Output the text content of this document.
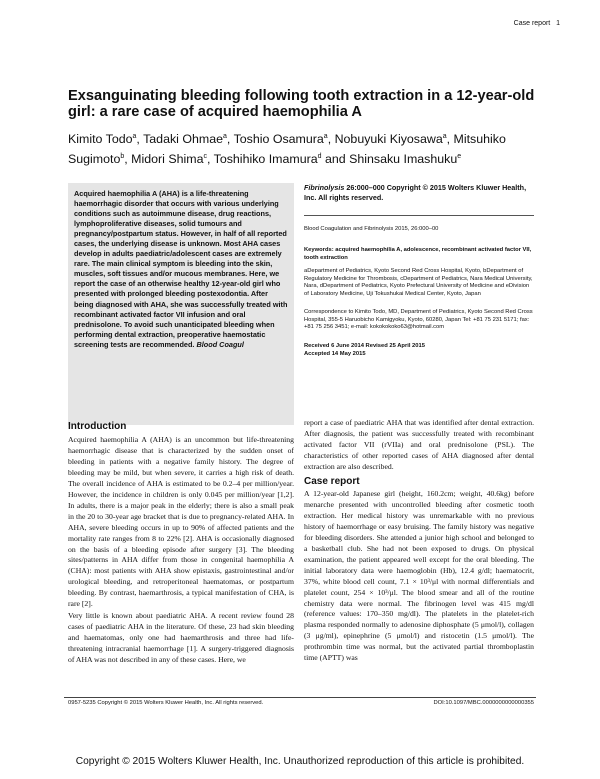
Case report 1
Exsanguinating bleeding following tooth extraction in a 12-year-old girl: a rare case of acquired haemophilia A

Kimito Todo$^a$, Tadaki Ohmae$^a$, Toshio Osamura$^a$, Nobuyuki Kiyosawa$^a$, Mitsuhiko Sugimoto$^b$, Midori Shima$^c$, Toshihiko Imamura$^d$ and Shinsaku Imashuku$^e$

Acquired haemophilia A (AHA) is a life-threatening haemorrhagic disorder that occurs with various underlying conditions such as autoimmune disease, drug reactions, lymphoproliferative diseases, solid tumours and pregnancy/postpartum status. However, in half of all reported cases, the underlying disease is unknown. Most AHA cases develop in adults paediatric/adolescent cases are extremely rare. The main clinical symptom is bleeding into the skin, muscles, soft tissues and/or mucous membranes. Here, we report the case of an otherwise healthy 12-year-old girl who presented with prolonged bleeding postexodontia. After being diagnosed with AHA, she was successfully treated with recombinant activated factor VII infusion and oral prednisolone. To avoid such unanticipated bleeding when performing dental extraction, preoperative haemostatic screening tests are recommended. Blood Coagul

Fibrinolysis 26:000–000 Copyright © 2015 Wolters Kluwer Health, Inc. All rights reserved.

Blood Coagulation and Fibrinolysis 2015, 26:000–00

Keywords: acquired haemophilia A, adolescence, recombinant activated factor VII, tooth extraction

aDepartment of Pediatrics, Kyoto Second Red Cross Hospital, Kyoto, bDepartment of Regulatory Medicine for Thrombosis, cDepartment of Pediatrics, Nara Medical University, Nara, dDepartment of Pediatrics, Kyoto Prefectural University of Medicine and eDivision of Laboratory Medicine, Uji Tokushukai Medical Center, Kyoto, Japan

Correspondence to Kimito Todo, MD, Department of Pediatrics, Kyoto Second Red Cross Hospital, 355-5 Haruobicho Kamigyoku, Kyoto, 60280, Japan Tel: +81 75 231 5171; fax: +81 75 256 3451; e-mail: kokokokoko63@hotmail.com

Received 6 June 2014 Revised 25 April 2015

Accepted 14 May 2015

Introduction

Acquired haemophilia A (AHA) is an uncommon but life-threatening haemorrhagic disease that is characterized by the sudden onset of bleeding in patients with a negative family history. The degree of bleeding may be mild, but when severe, it carries a high risk of death. The overall incidence of AHA is estimated to be 0.2–4 per million/year. However, the incidence in children is only 0.045 per million/year [1,2]. In adults, there is a major peak in the elderly; there is also a small peak in the 20 to 30-year age bracket that is due to pregnancy-related AHA. In AHA, severe bleeding occurs in up to 90% of affected patients and the mortality rate ranges from 8 to 22% [2]. AHA is occasionally diagnosed on the basis of a bleeding episode after surgery [3]. The bleeding sites/patterns in AHA differ from those in congenital haemophilia A (CHA): most patients with AHA show epistaxis, gastrointestinal and/or urological bleeding, and retroperitoneal haematomas, or postpartum bleeding. By contrast, haemarthrosis, a typical manifestation of CHA, is rare [2].

Very little is known about paediatric AHA. A recent review found 28 cases of paediatric AHA in the literature. Of these, 23 had skin bleeding and haematomas, only one had haemarthrosis and three had life-threatening intracranial haemorrhage [1]. A surgery-triggered diagnosis of AHA was not described in any of these cases. Here, we

report a case of paediatric AHA that was identified after dental extraction. After diagnosis, the patient was successfully treated with recombinant activated factor VII (rVIIa) and oral prednisolone (PSL). The characteristics of other reported cases of AHA diagnosed after dental extraction are also described.

Case report

A 12-year-old Japanese girl (height, 160.2cm; weight, 40.6kg) before menarche presented with uncontrolled bleeding after cosmetic tooth extraction. Her medical history was unremarkable with no previous history of haemorrhage or easy bruising. The family history was negative for bleeding disorders. She attended a junior high school and belonged to a basketball club. She had not been exposed to drugs. On physical examination, the patient appeared well except for the oral bleeding. The initial laboratory data were haemoglobin (Hb), 12.4 g/dl; haematocrit, 37%, white blood cell count, 7.1 × 10³/μl with normal differentials and platelet count, 254 × 10³/μl. The blood smear and all of the routine chemistry data were normal. The fibrinogen level was 415 mg/dl (reference values: 170–350 mg/dl). The platelets in the platelet-rich plasma responded normally to adenosine diphosphate (5 μmol/l), collagen (3 μg/ml), epinephrine (5 μmol/l) and ristocetin (1.5 μmol/l). The prothrombin time was normal, but the activated partial thromboplastin time (APTT) was

0957-5235 Copyright © 2015 Wolters Kluwer Health, Inc. All rights reserved.	DOI:10.1097/MBC.0000000000000355
Copyright © 2015 Wolters Kluwer Health, Inc. Unauthorized reproduction of this article is prohibited.
